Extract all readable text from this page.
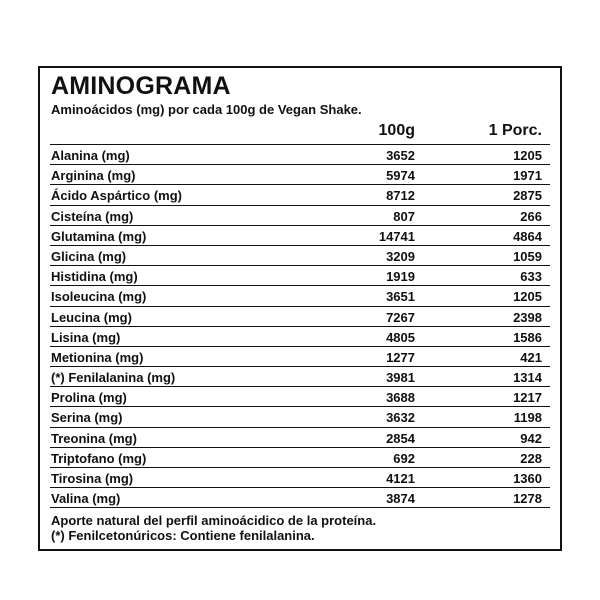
AMINOGRAMA
Aminoácidos (mg) por cada 100g de Vegan Shake.
100g	1 Porc.
Alanina (mg)	3652	1205
Arginina (mg)	5974	1971
Ácido Aspártico (mg)	8712	2875
Cisteína (mg)	807	266
Glutamina (mg)	14741	4864
Glicina (mg)	3209	1059
Histidina (mg)	1919	633
Isoleucina (mg)	3651	1205
Leucina (mg)	7267	2398
Lisina (mg)	4805	1586
Metionina (mg)	1277	421
(*) Fenilalanina (mg)	3981	1314
Prolina (mg)	3688	1217
Serina (mg)	3632	1198
Treonina (mg)	2854	942
Triptofano (mg)	692	228
Tirosina (mg)	4121	1360
Valina (mg)	3874	1278
Aporte natural del perfil aminoácidico de la proteína.
(*) Fenilcetonúricos: Contiene fenilalanina.
